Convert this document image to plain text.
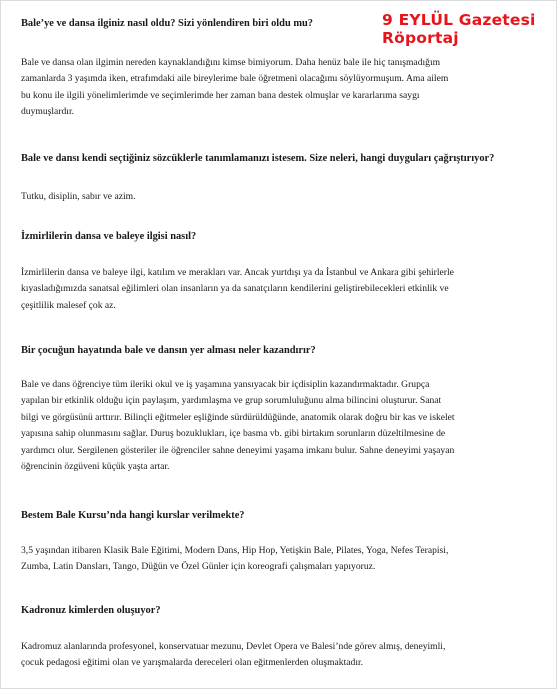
9 EYLÜL Gazetesi
Röportaj

Bale’ye ve dansa ilginiz nasıl oldu? Sizi yönlendiren biri oldu mu?

Bale ve dansa olan ilgimin nereden kaynaklandığını kimse bimiyorum. Daha henüz bale ile hiç tanışmadığım
zamanlarda 3 yaşımda iken, etrafımdaki aile bireylerime bale öğretmeni olacağımı söylüyormuşum. Ama ailem
bu konu ile ilgili yönelimlerimde ve seçimlerimde her zaman bana destek olmuşlar ve kararlarıma saygı
duymuşlardır.

Bale ve dansı kendi seçtiğiniz sözcüklerle tanımlamanızı istesem. Size neleri, hangi duyguları çağrıştırıyor?

Tutku, disiplin, sabır ve azim.

İzmirlilerin dansa ve baleye ilgisi nasıl?

İzmirlilerin dansa ve baleye ilgi, katılım ve merakları var. Ancak yurtdışı ya da İstanbul ve Ankara gibi şehirlerle
kıyasladığımızda sanatsal eğilimleri olan insanların ya da sanatçıların kendilerini geliştirebilecekleri etkinlik ve
çeşitlilik malesef çok az.

Bir çocuğun hayatında bale ve dansın yer alması neler kazandırır?

Bale ve dans öğrenciye tüm ileriki okul ve iş yaşamına yansıyacak bir içdisiplin kazandırmaktadır. Grupça
yapılan bir etkinlik olduğu için paylaşım, yardımlaşma ve grup sorumluluğunu alma bilincini oluşturur. Sanat
bilgi ve görgüsünü arttırır. Bilinçli eğitmeler eşliğinde sürdürüldüğünde, anatomik olarak doğru bir kas ve iskelet
yapısına sahip olunmasını sağlar. Duruş bozuklukları, içe basma vb. gibi birtakım sorunların düzeltilmesine de
yardımcı olur. Sergilenen gösteriler ile öğrenciler sahne deneyimi yaşama imkanı bulur. Sahne deneyimi yaşayan
öğrencinin özgüveni küçük yaşta artar.

Bestem Bale Kursu’nda hangi kurslar verilmekte?

3,5 yaşından itibaren Klasik Bale Eğitimi, Modern Dans, Hip Hop, Yetişkin Bale, Pilates, Yoga, Nefes Terapisi,
Zumba, Latin Dansları, Tango, Düğün ve Özel Günler için koreografi çalışmaları yapıyoruz.

Kadronuz kimlerden oluşuyor?

Kadromuz alanlarında profesyonel, konservatuar mezunu, Devlet Opera ve Balesi’nde görev almış, deneyimli,
çocuk pedagosi eğitimi olan ve yarışmalarda dereceleri olan eğitmenlerden oluşmaktadır.
